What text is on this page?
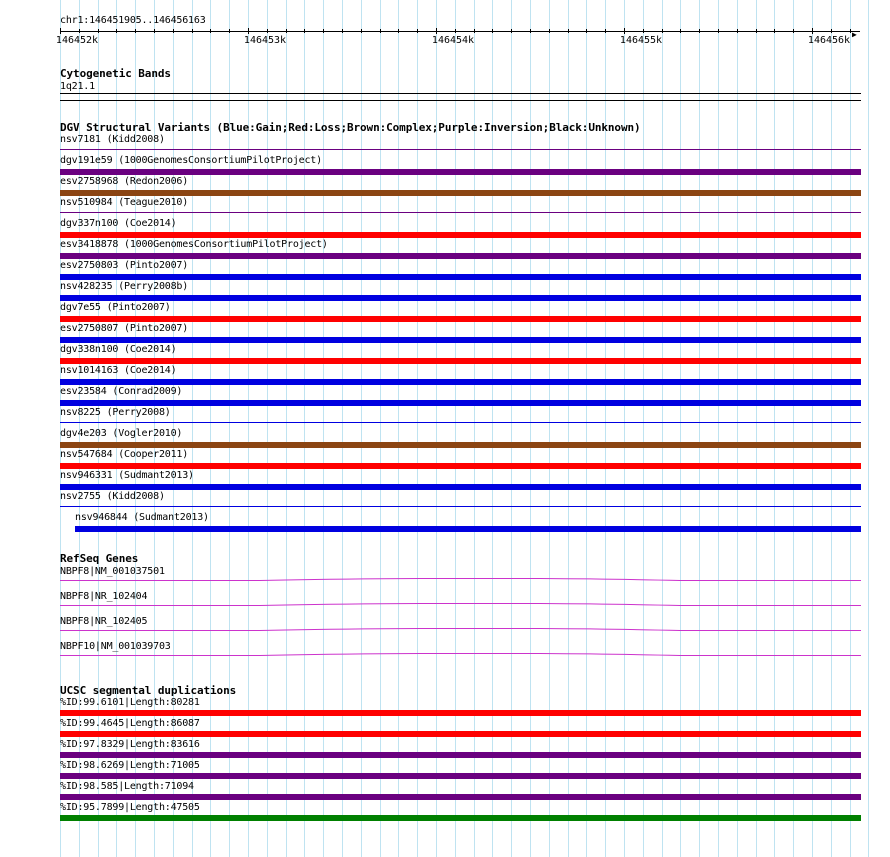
chr1:146451905..146456163
▶
146452k	146453k	146454k	146455k	146456k
Cytogenetic Bands
1q21.1
DGV Structural Variants (Blue:Gain;Red:Loss;Brown:Complex;Purple:Inversion;Black:Unknown)
nsv7181 (Kidd2008)
dgv191e59 (1000GenomesConsortiumPilotProject)
esv2758968 (Redon2006)
nsv510984 (Teague2010)
dgv337n100 (Coe2014)
esv3418878 (1000GenomesConsortiumPilotProject)
esv2750803 (Pinto2007)
nsv428235 (Perry2008b)
dgv7e55 (Pinto2007)
esv2750807 (Pinto2007)
dgv338n100 (Coe2014)
nsv1014163 (Coe2014)
esv23584 (Conrad2009)
nsv8225 (Perry2008)
dgv4e203 (Vogler2010)
nsv547684 (Cooper2011)
nsv946331 (Sudmant2013)
nsv2755 (Kidd2008)
nsv946844 (Sudmant2013)
RefSeq Genes
NBPF8|NM_001037501
NBPF8|NR_102404
NBPF8|NR_102405
NBPF10|NM_001039703
UCSC segmental duplications
%ID:99.6101|Length:80281
%ID:99.4645|Length:86087
%ID:97.8329|Length:83616
%ID:98.6269|Length:71005
%ID:98.585|Length:71094
%ID:95.7899|Length:47505
